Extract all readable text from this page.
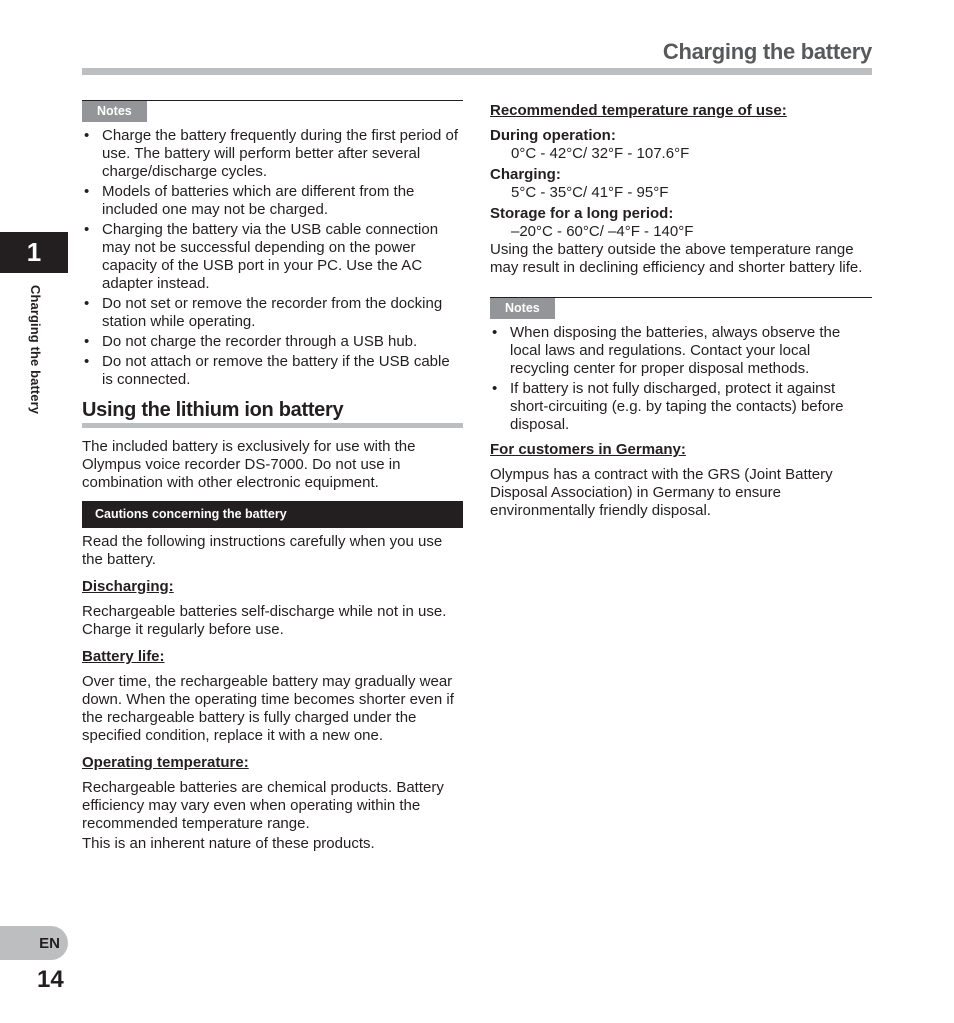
Charging the battery
1
Charging the battery
EN
14
Notes
• Charge the battery frequently during the first period of use. The battery will perform better after several charge/discharge cycles.
• Models of batteries which are different from the included one may not be charged.
• Charging the battery via the USB cable connection may not be successful depending on the power capacity of the USB port in your PC. Use the AC adapter instead.
• Do not set or remove the recorder from the docking station while operating.
• Do not charge the recorder through a USB hub.
• Do not attach or remove the battery if the USB cable is connected.
Using the lithium ion battery

The included battery is exclusively for use with the Olympus voice recorder DS-7000. Do not use in combination with other electronic equipment.

Cautions concerning the battery

Read the following instructions carefully when you use the battery.

Discharging:

Rechargeable batteries self-discharge while not in use. Charge it regularly before use.

Battery life:

Over time, the rechargeable battery may gradually wear down. When the operating time becomes shorter even if the rechargeable battery is fully charged under the specified condition, replace it with a new one.

Operating temperature:

Rechargeable batteries are chemical products. Battery efficiency may vary even when operating within the recommended temperature range.

This is an inherent nature of these products.

Recommended temperature range of use:
During operation:
0°C - 42°C/ 32°F - 107.6°F
Charging:
5°C - 35°C/ 41°F - 95°F
Storage for a long period:
–20°C - 60°C/ –4°F - 140°F

Using the battery outside the above temperature range may result in declining efficiency and shorter battery life.

Notes
• When disposing the batteries, always observe the local laws and regulations. Contact your local recycling center for proper disposal methods.
• If battery is not fully discharged, protect it against short-circuiting (e.g. by taping the contacts) before disposal.
For customers in Germany:

Olympus has a contract with the GRS (Joint Battery Disposal Association) in Germany to ensure environmentally friendly disposal.
